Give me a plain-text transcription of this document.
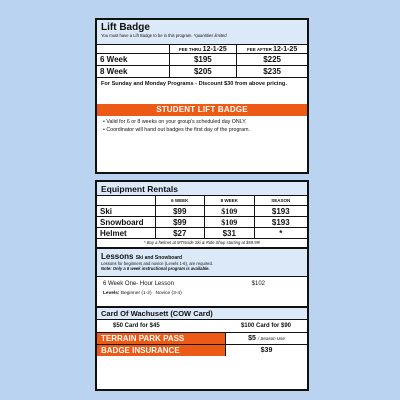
Lift Badge
You must have a Lift Badge to be in this program. *quantities limited
	FEE THRU 12-1-25	FEE AFTER 12-1-25
6 Week	$195	$225
8 Week	$205	$235
For Sunday and Monday Programs - Discount $30 from above pricing.
STUDENT LIFT BADGE
• Valid for 6 or 8 weeks on your group's scheduled day ONLY.
• Coordinator will hand out badges the first day of the program.
Equipment Rentals
	6 WEEK	8 WEEK	SEASON
Ski	$99	$109	$193
Snowboard	$99	$109	$193
Helmet	$27	$31	*
* Buy a helmet at MTNside Ski & Ride Shop starting at $59.99!
Lessons Ski and Snowboard
Lessons for beginners and novice (Levels 1-6), are required.
Note: Only a 6 week instructional program is available.
6 Week One- Hour Lesson	$102
Levels: Beginner (1-2)   Novice (3-4)
Card Of Wachusett (COW Card)
$50 Card for $45	$100 Card for $90
TERRAIN PARK PASS	$5 / Season Use
BADGE INSURANCE	$39
